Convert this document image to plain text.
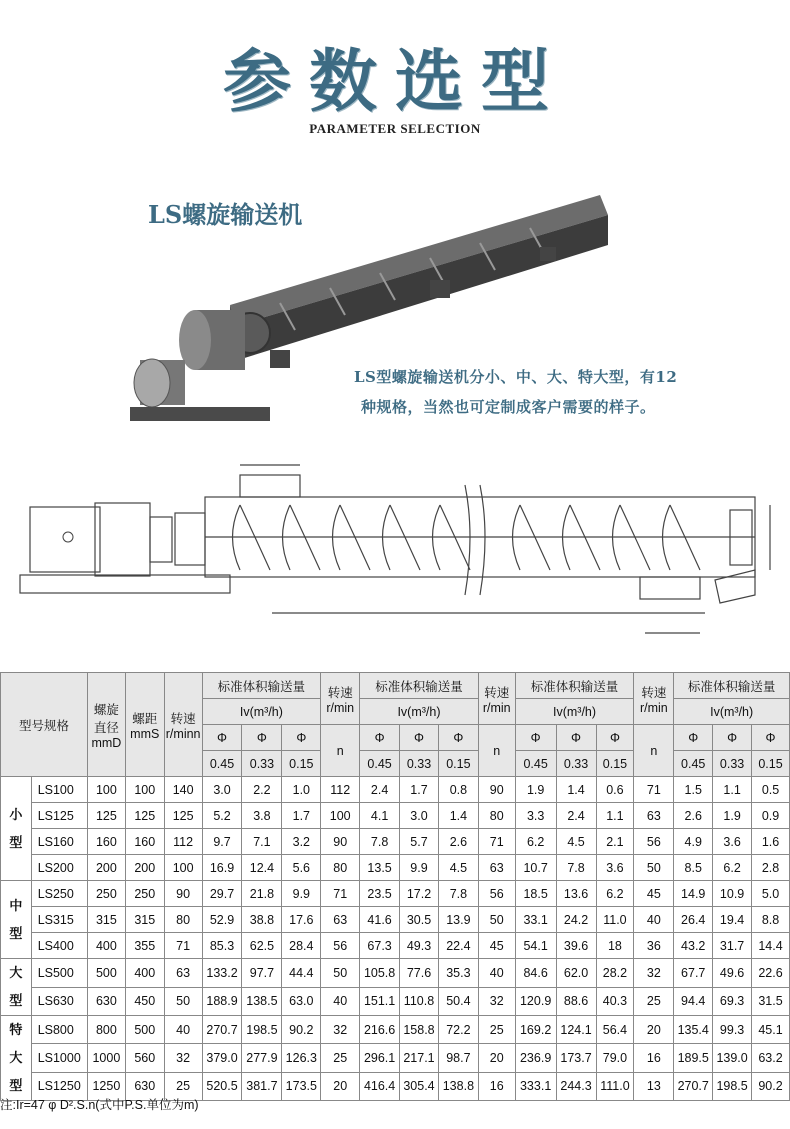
参数选型
PARAMETER SELECTION
LS螺旋输送机
LS型螺旋输送机分小、中、大、特大型，有12
种规格，当然也可定制成客户需要的样子。
型号规格		螺旋直径mmD	螺距mmS	转速r/minn	标准体积输送量			转速r/min	标准体积输送量			转速r/min	标准体积输送量			转速r/min	标准体积输送量		
					Iv(m³/h)				Iv(m³/h)				Iv(m³/h)				Iv(m³/h)		
					Φ	Φ	Φ	n	Φ	Φ	Φ	n	Φ	Φ	Φ	n	Φ	Φ	Φ
					0.45	0.33	0.15		0.45	0.33	0.15		0.45	0.33	0.15		0.45	0.33	0.15
小
型	LS100	100	100	140	3.0	2.2	1.0	112	2.4	1.7	0.8	90	1.9	1.4	0.6	71	1.5	1.1	0.5
	LS125	125	125	125	5.2	3.8	1.7	100	4.1	3.0	1.4	80	3.3	2.4	1.1	63	2.6	1.9	0.9
	LS160	160	160	112	9.7	7.1	3.2	90	7.8	5.7	2.6	71	6.2	4.5	2.1	56	4.9	3.6	1.6
	LS200	200	200	100	16.9	12.4	5.6	80	13.5	9.9	4.5	63	10.7	7.8	3.6	50	8.5	6.2	2.8
中
型	LS250	250	250	90	29.7	21.8	9.9	71	23.5	17.2	7.8	56	18.5	13.6	6.2	45	14.9	10.9	5.0
	LS315	315	315	80	52.9	38.8	17.6	63	41.6	30.5	13.9	50	33.1	24.2	11.0	40	26.4	19.4	8.8
	LS400	400	355	71	85.3	62.5	28.4	56	67.3	49.3	22.4	45	54.1	39.6	18	36	43.2	31.7	14.4
大
型	LS500	500	400	63	133.2	97.7	44.4	50	105.8	77.6	35.3	40	84.6	62.0	28.2	32	67.7	49.6	22.6
	LS630	630	450	50	188.9	138.5	63.0	40	151.1	110.8	50.4	32	120.9	88.6	40.3	25	94.4	69.3	31.5
特
大
型	LS800	800	500	40	270.7	198.5	90.2	32	216.6	158.8	72.2	25	169.2	124.1	56.4	20	135.4	99.3	45.1
	LS1000	1000	560	32	379.0	277.9	126.3	25	296.1	217.1	98.7	20	236.9	173.7	79.0	16	189.5	139.0	63.2
	LS1250	1250	630	25	520.5	381.7	173.5	20	416.4	305.4	138.8	16	333.1	244.3	111.0	13	270.7	198.5	90.2
注:Ir=47 φ D².S.n(式中P.S.单位为m)
